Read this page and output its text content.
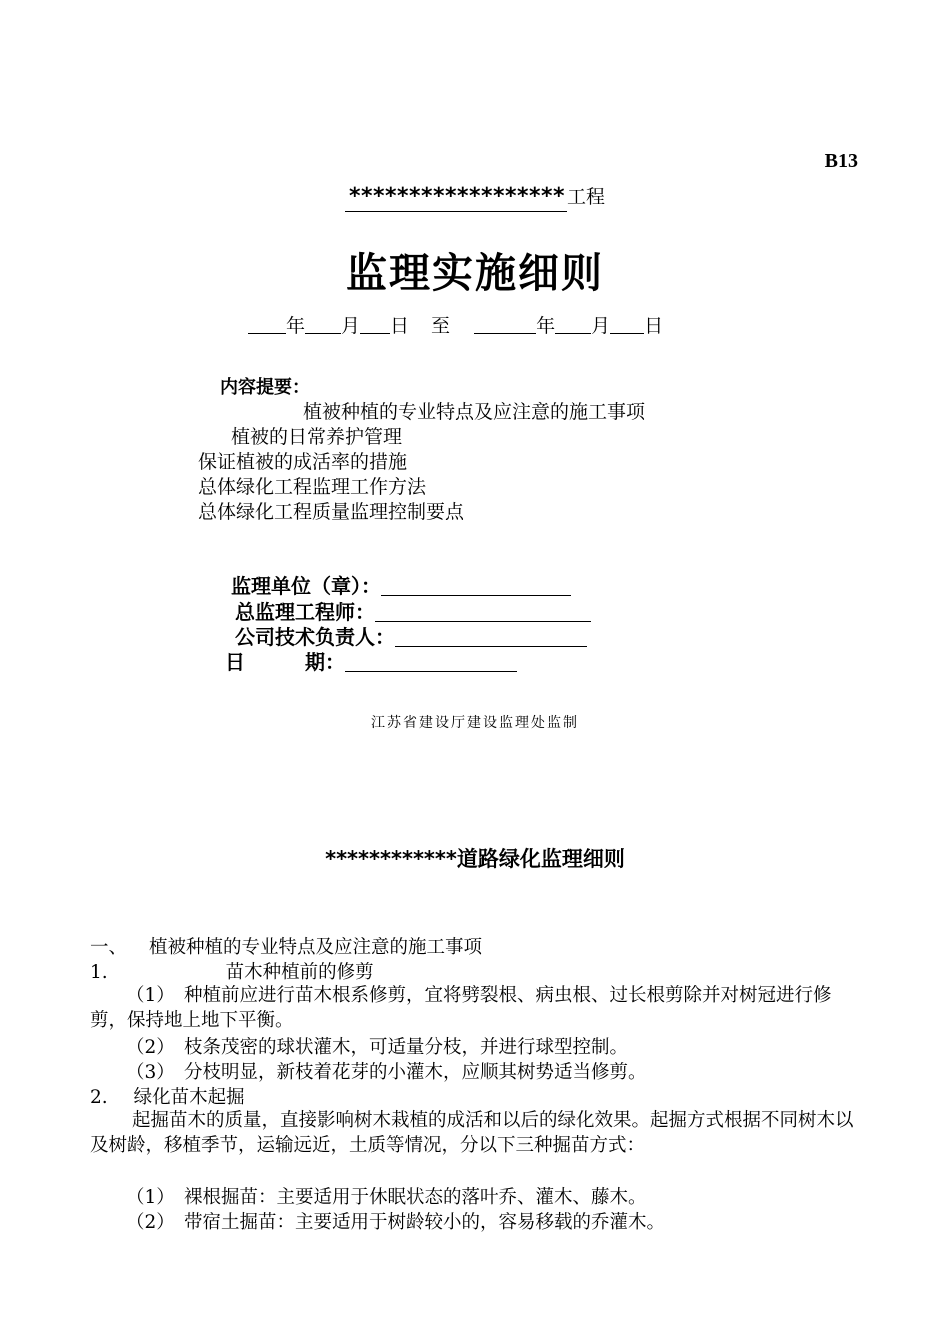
B13
****************** 工程
监理实施细则
年 月 日 至	年 月 日
内容提要：
植被种植的专业特点及应注意的施工事项
植被的日常养护管理
保证植被的成活率的措施
总体绿化工程监理工作方法
总体绿化工程质量监理控制要点
监理单位（章）：
总监理工程师：
公司技术负责人：
日	期：
江苏省建设厅建设监理处监制
************道路绿化监理细则
一、 植被种植的专业特点及应注意的施工事项
1.	苗木种植前的修剪
（1）　种植前应进行苗木根系修剪，宜将劈裂根、病虫根、过长根剪除并对树冠进行修剪，保持地上地下平衡。
（2）　枝条茂密的球状灌木，可适量分枝，并进行球型控制。
（3）　分枝明显，新枝着花芽的小灌木，应顺其树势适当修剪。
2. 绿化苗木起掘
起掘苗木的质量，直接影响树木栽植的成活和以后的绿化效果。起掘方式根据不同树木以及树龄，移植季节，运输远近，土质等情况，分以下三种掘苗方式：
（1）　裸根掘苗：主要适用于休眠状态的落叶乔、灌木、藤木。
（2）　带宿土掘苗：主要适用于树龄较小的，容易移载的乔灌木。
